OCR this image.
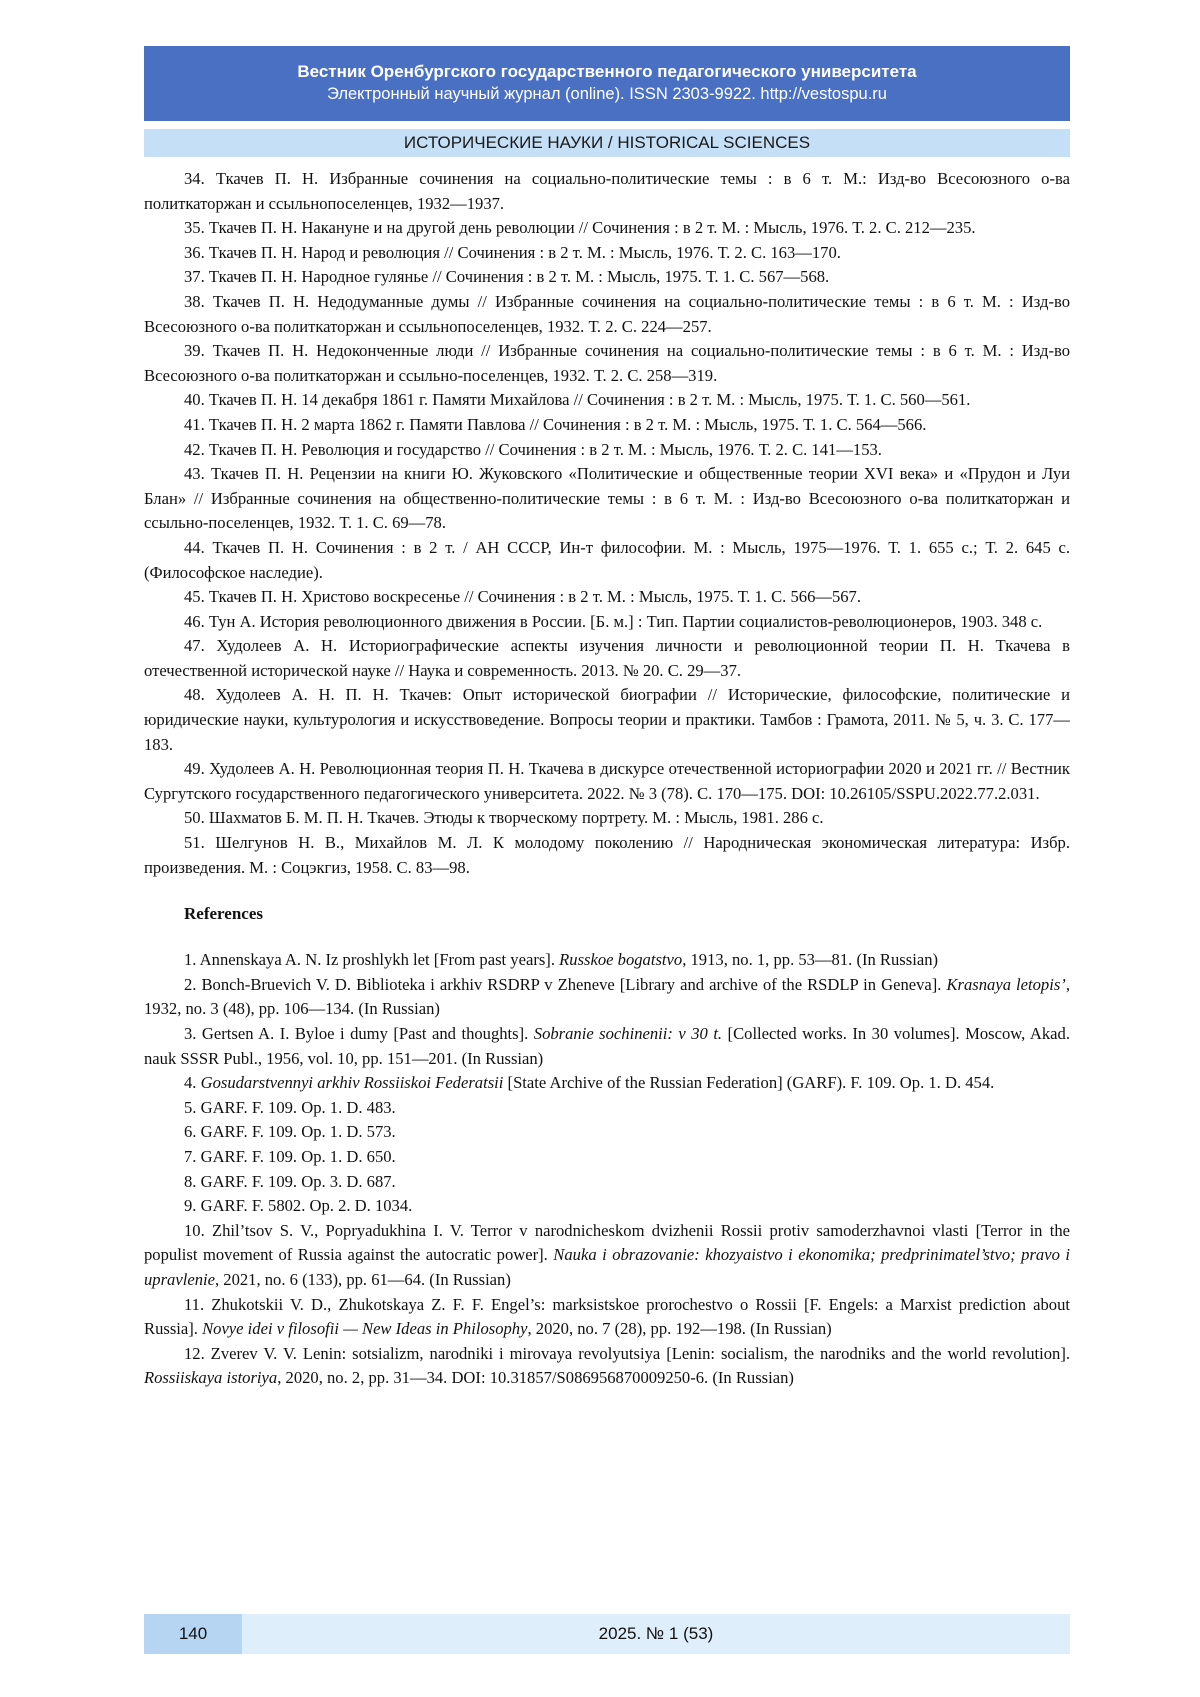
Вестник Оренбургского государственного педагогического университета
Электронный научный журнал (online). ISSN 2303-9922. http://vestospu.ru
ИСТОРИЧЕСКИЕ НАУКИ / HISTORICAL SCIENCES

34. Ткачев П. Н. Избранные сочинения на социально-политические темы : в 6 т. М.: Изд-во Всесоюзного о-ва политкаторжан и ссыльнопоселенцев, 1932—1937.

35. Ткачев П. Н. Накануне и на другой день революции // Сочинения : в 2 т. М. : Мысль, 1976. Т. 2. С. 212—235.

36. Ткачев П. Н. Народ и революция // Сочинения : в 2 т. М. : Мысль, 1976. Т. 2. С. 163—170.

37. Ткачев П. Н. Народное гулянье // Сочинения : в 2 т. М. : Мысль, 1975. Т. 1. С. 567—568.

38. Ткачев П. Н. Недодуманные думы // Избранные сочинения на социально-политические темы : в 6 т. М. : Изд-во Всесоюзного о-ва политкаторжан и ссыльнопоселенцев, 1932. Т. 2. С. 224—257.

39. Ткачев П. Н. Недоконченные люди // Избранные сочинения на социально-политические темы : в 6 т. М. : Изд-во Всесоюзного о-ва политкаторжан и ссыльно-поселенцев, 1932. Т. 2. С. 258—319.

40. Ткачев П. Н. 14 декабря 1861 г. Памяти Михайлова // Сочинения : в 2 т. М. : Мысль, 1975. Т. 1. С. 560—561.

41. Ткачев П. Н. 2 марта 1862 г. Памяти Павлова // Сочинения : в 2 т. М. : Мысль, 1975. Т. 1. С. 564—566.

42. Ткачев П. Н. Революция и государство // Сочинения : в 2 т. М. : Мысль, 1976. Т. 2. С. 141—153.

43. Ткачев П. Н. Рецензии на книги Ю. Жуковского «Политические и общественные теории XVI века» и «Прудон и Луи Блан» // Избранные сочинения на общественно-политические темы : в 6 т. М. : Изд-во Всесоюзного о-ва политкаторжан и ссыльно-поселенцев, 1932. Т. 1. С. 69—78.

44. Ткачев П. Н. Сочинения : в 2 т. / АН СССР, Ин-т философии. М. : Мысль, 1975—1976. Т. 1. 655 с.; Т. 2. 645 с. (Философское наследие).

45. Ткачев П. Н. Христово воскресенье // Сочинения : в 2 т. М. : Мысль, 1975. Т. 1. С. 566—567.

46. Тун А. История революционного движения в России. [Б. м.] : Тип. Партии социалистов-революционеров, 1903. 348 с.

47. Худолеев А. Н. Историографические аспекты изучения личности и революционной теории П. Н. Ткачева в отечественной исторической науке // Наука и современность. 2013. № 20. С. 29—37.

48. Худолеев А. Н. П. Н. Ткачев: Опыт исторической биографии // Исторические, философские, политические и юридические науки, культурология и искусствоведение. Вопросы теории и практики. Тамбов : Грамота, 2011. № 5, ч. 3. С. 177—183.

49. Худолеев А. Н. Революционная теория П. Н. Ткачева в дискурсе отечественной историографии 2020 и 2021 гг. // Вестник Сургутского государственного педагогического университета. 2022. № 3 (78). С. 170—175. DOI: 10.26105/SSPU.2022.77.2.031.

50. Шахматов Б. М. П. Н. Ткачев. Этюды к творческому портрету. М. : Мысль, 1981. 286 с.

51. Шелгунов Н. В., Михайлов М. Л. К молодому поколению // Народническая экономическая литература: Избр. произведения. М. : Соцэкгиз, 1958. С. 83—98.

References

1. Annenskaya A. N. Iz proshlykh let [From past years]. Russkoe bogatstvo, 1913, no. 1, pp. 53—81. (In Russian)

2. Bonch-Bruevich V. D. Biblioteka i arkhiv RSDRP v Zheneve [Library and archive of the RSDLP in Geneva]. Krasnaya letopis’, 1932, no. 3 (48), pp. 106—134. (In Russian)

3. Gertsen A. I. Byloe i dumy [Past and thoughts]. Sobranie sochinenii: v 30 t. [Collected works. In 30 volumes]. Moscow, Akad. nauk SSSR Publ., 1956, vol. 10, pp. 151—201. (In Russian)

4. Gosudarstvennyi arkhiv Rossiiskoi Federatsii [State Archive of the Russian Federation] (GARF). F. 109. Op. 1. D. 454.

5. GARF. F. 109. Op. 1. D. 483.

6. GARF. F. 109. Op. 1. D. 573.

7. GARF. F. 109. Op. 1. D. 650.

8. GARF. F. 109. Op. 3. D. 687.

9. GARF. F. 5802. Op. 2. D. 1034.

10. Zhil’tsov S. V., Popryadukhina I. V. Terror v narodnicheskom dvizhenii Rossii protiv samoderzhavnoi vlasti [Terror in the populist movement of Russia against the autocratic power]. Nauka i obrazovanie: khozyaistvo i ekonomika; predprinimatel’stvo; pravo i upravlenie, 2021, no. 6 (133), pp. 61—64. (In Russian)

11. Zhukotskii V. D., Zhukotskaya Z. F. F. Engel’s: marksistskoe prorochestvo o Rossii [F. Engels: a Marxist prediction about Russia]. Novye idei v filosofii — New Ideas in Philosophy, 2020, no. 7 (28), pp. 192—198. (In Russian)

12. Zverev V. V. Lenin: sotsializm, narodniki i mirovaya revolyutsiya [Lenin: socialism, the narodniks and the world revolution]. Rossiiskaya istoriya, 2020, no. 2, pp. 31—34. DOI: 10.31857/S086956870009250-6. (In Russian)

140	2025. № 1 (53)
